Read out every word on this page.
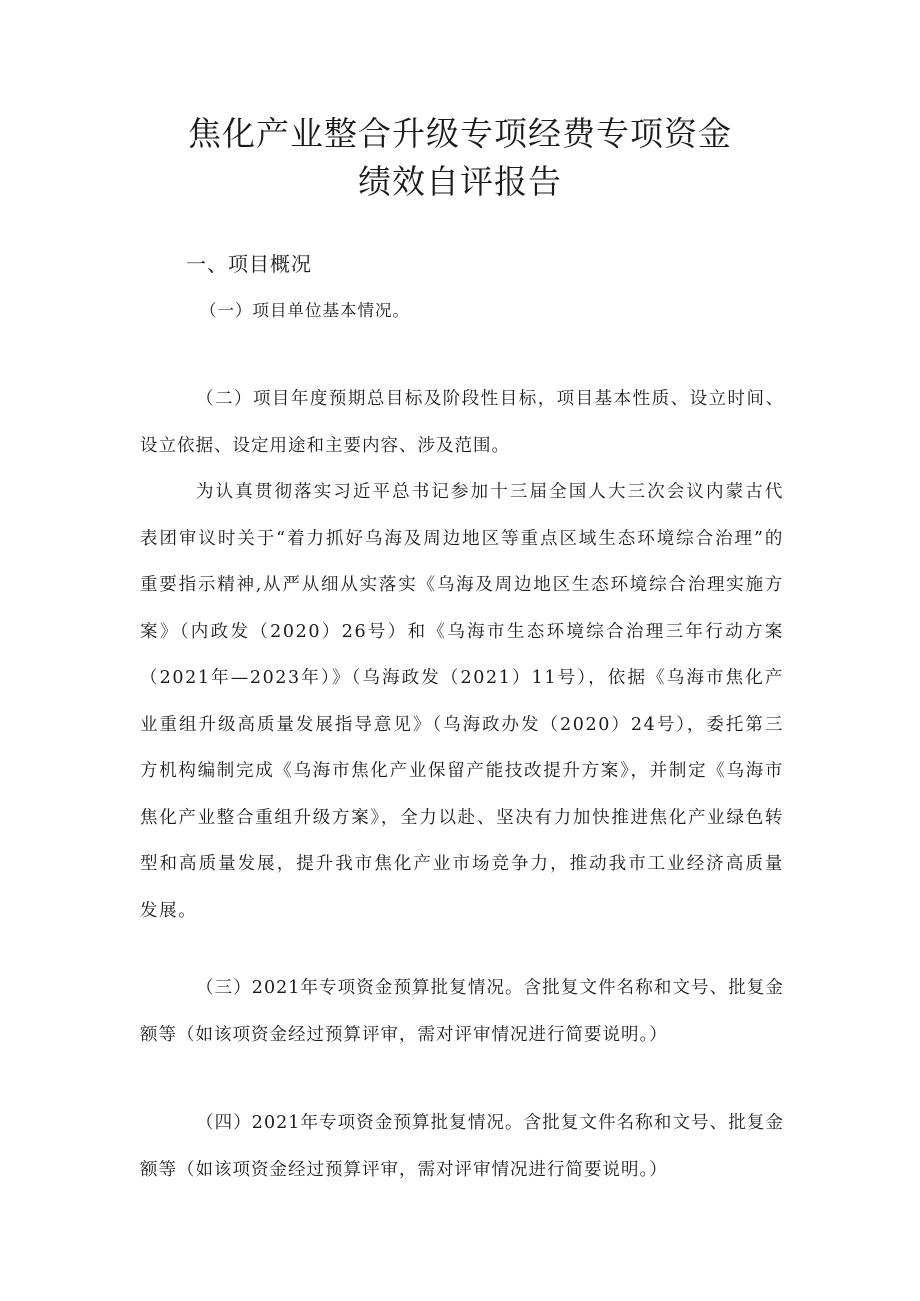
焦化产业整合升级专项经费专项资金
绩效自评报告
一、项目概况
（一）项目单位基本情况。
（二）项目年度预期总目标及阶段性目标，项目基本性质、设立时间、设立依据、设定用途和主要内容、涉及范围。
为认真贯彻落实习近平总书记参加十三届全国人大三次会议内蒙古代表团审议时关于“着力抓好乌海及周边地区等重点区域生态环境综合治理”的重要指示精神,从严从细从实落实《乌海及周边地区生态环境综合治理实施方案》（内政发（2020）26号）和《乌海市生态环境综合治理三年行动方案（2021年—2023年）》（乌海政发（2021）11号），依据《乌海市焦化产业重组升级高质量发展指导意见》（乌海政办发（2020）24号），委托第三方机构编制完成《乌海市焦化产业保留产能技改提升方案》，并制定《乌海市焦化产业整合重组升级方案》，全力以赴、坚决有力加快推进焦化产业绿色转型和高质量发展，提升我市焦化产业市场竞争力，推动我市工业经济高质量发展。
（三）2021年专项资金预算批复情况。含批复文件名称和文号、批复金额等（如该项资金经过预算评审，需对评审情况进行简要说明。）
（四）2021年专项资金预算批复情况。含批复文件名称和文号、批复金额等（如该项资金经过预算评审，需对评审情况进行简要说明。）
